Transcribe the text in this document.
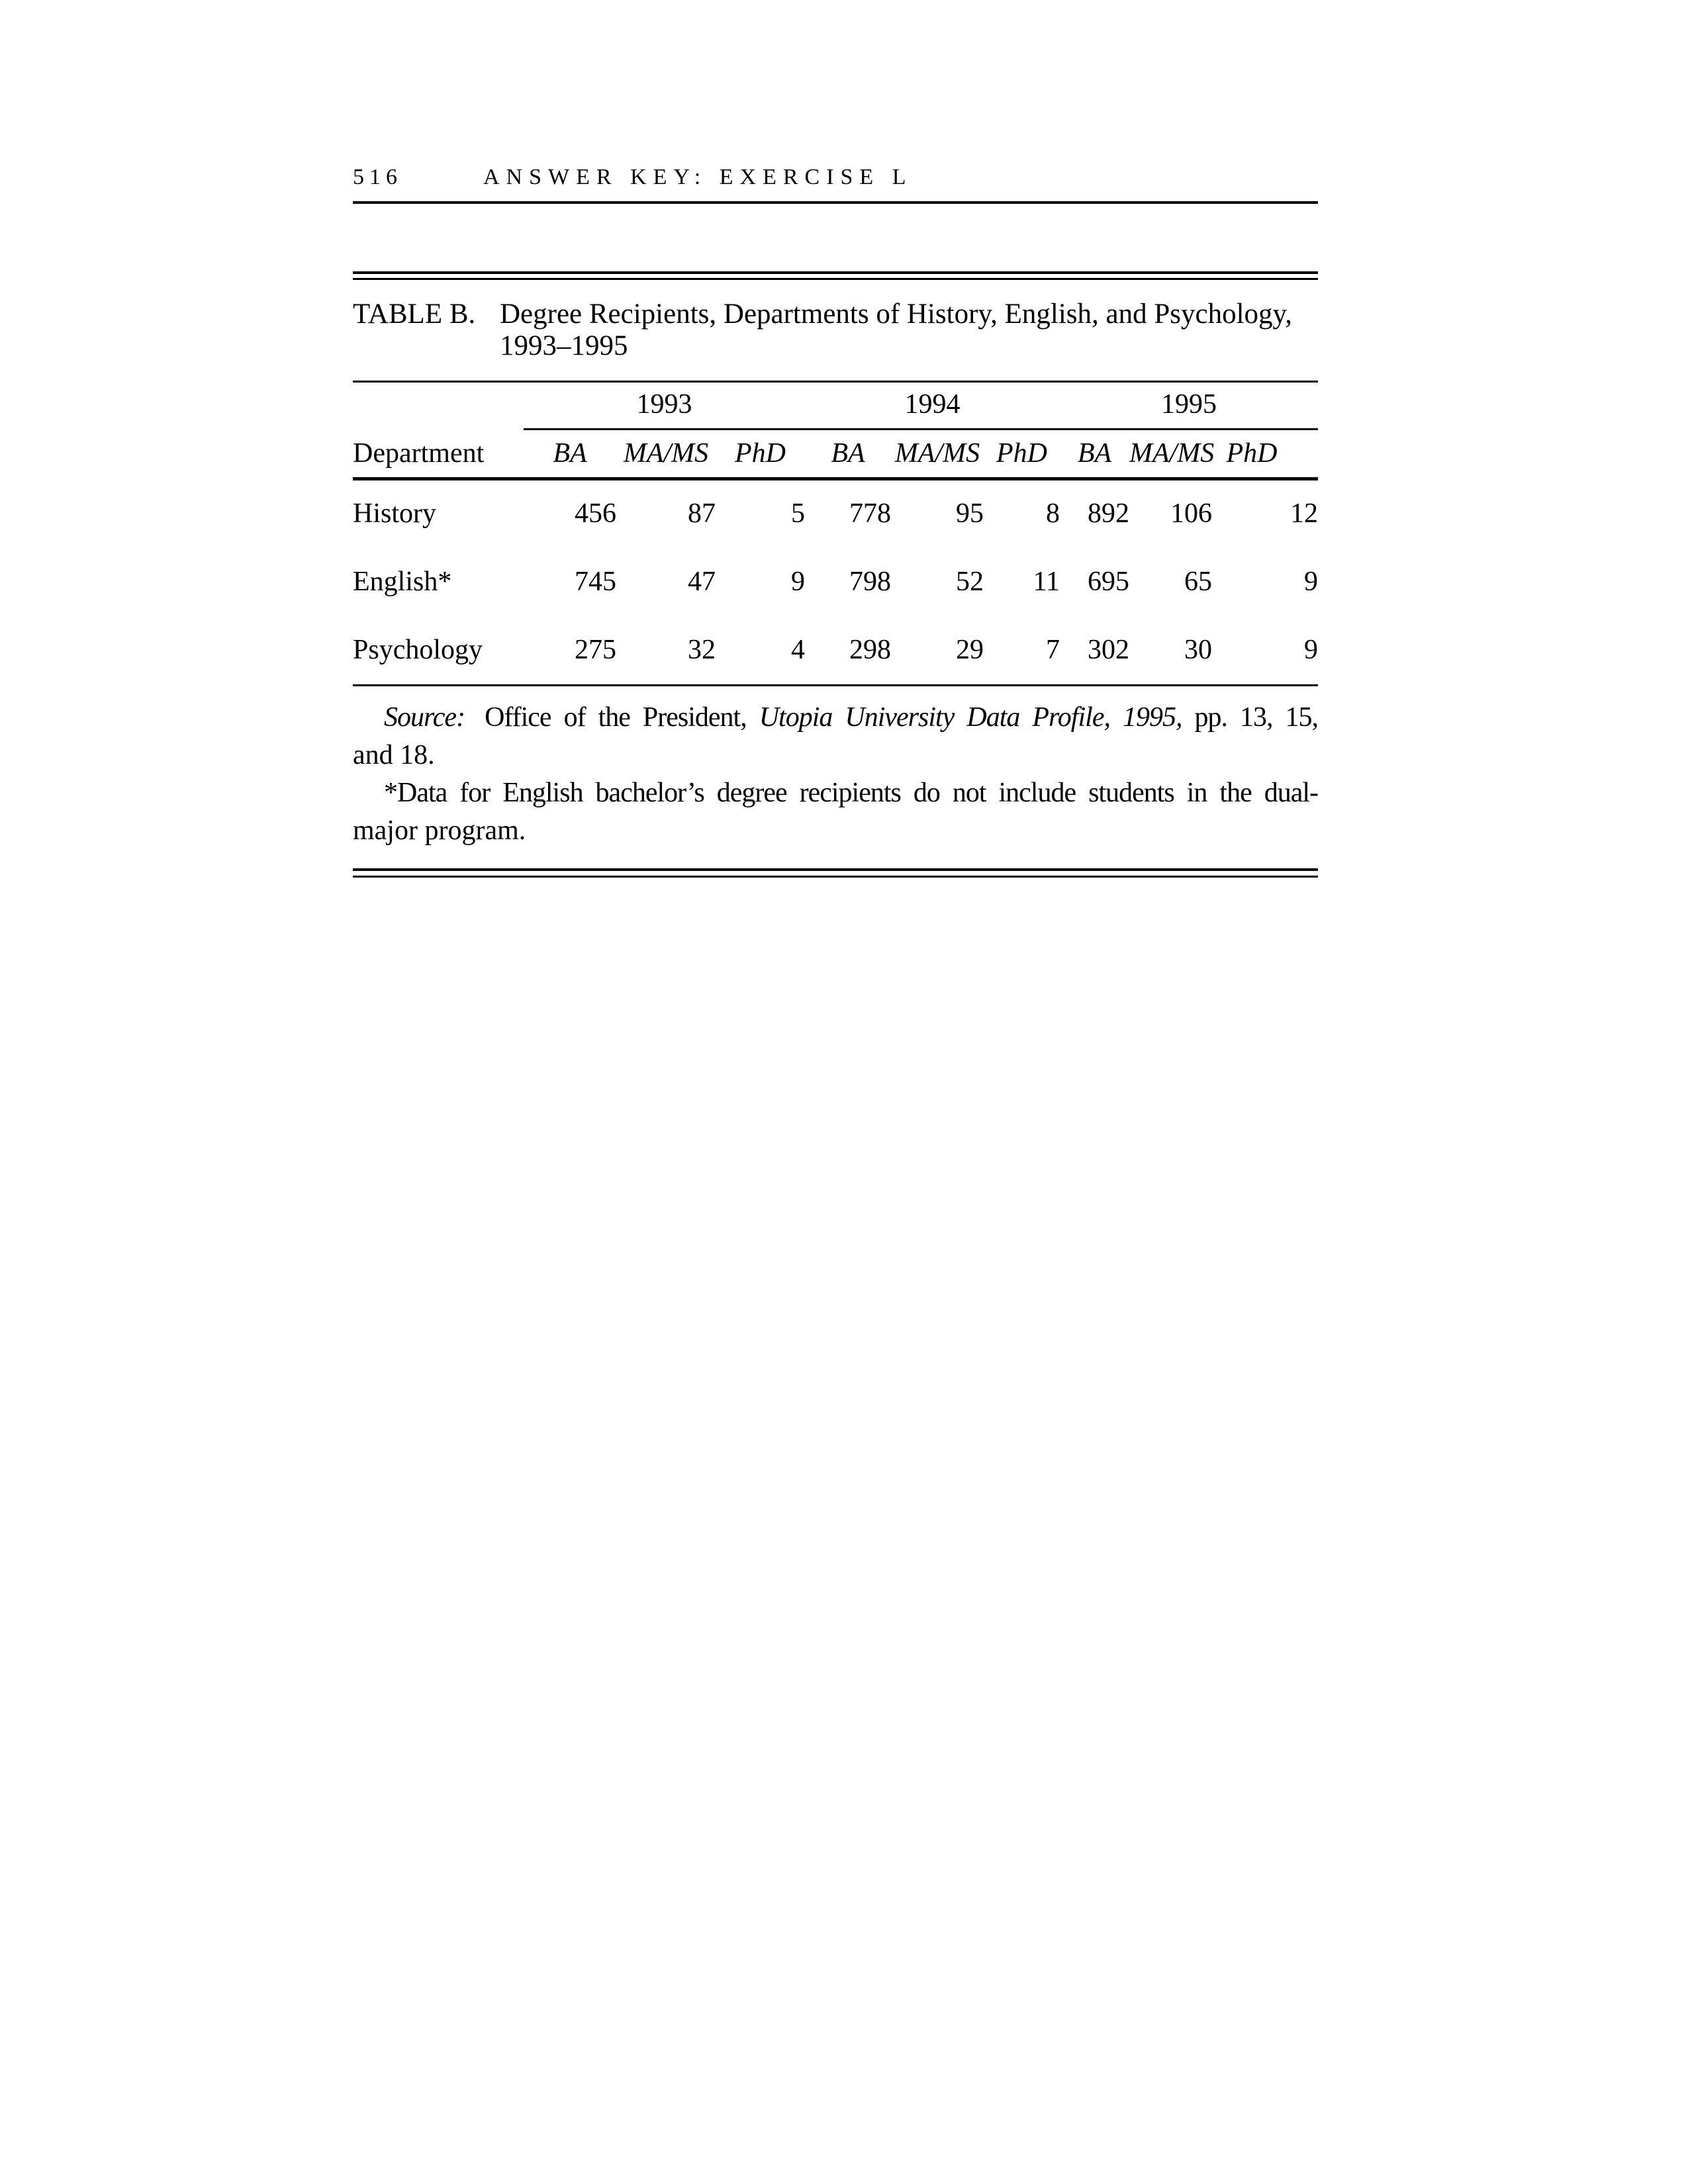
516	ANSWER KEY: EXERCISE L
TABLE B. Degree Recipients, Departments of History, English, and Psychology,
1993–1995
	1993			1994			1995		
Department	BA	MA/MS	PhD	BA	MA/MS	PhD	BA	MA/MS	PhD
History	456	87	5	778	95	8	892	106	12
English*	745	47	9	798	52	11	695	65	9
Psychology	275	32	4	298	29	7	302	30	9
Source: Office of the President, Utopia University Data Profile, 1995, pp. 13, 15,
and 18.
*Data for English bachelor’s degree recipients do not include students in the dual-
major program.
